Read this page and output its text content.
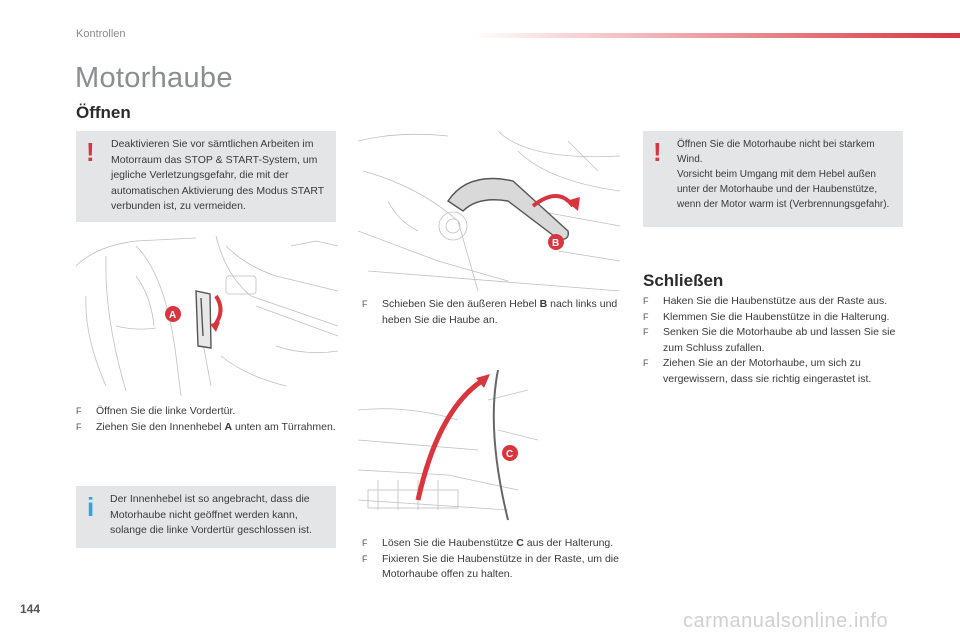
Kontrollen
Motorhaube
Öffnen
! Deaktivieren Sie vor sämtlichen Arbeiten im Motorraum das STOP & START-System, um jegliche Verletzungsgefahr, die mit der automatischen Aktivierung des Modus START verbunden ist, zu vermeiden.
A
F Öffnen Sie die linke Vordertür.
F Ziehen Sie den Innenhebel A unten am Türrahmen.
i Der Innenhebel ist so angebracht, dass die Motorhaube nicht geöffnet werden kann, solange die linke Vordertür geschlossen ist.
B
F Schieben Sie den äußeren Hebel B nach links und heben Sie die Haube an.
C
F Lösen Sie die Haubenstütze C aus der Halterung.
F Fixieren Sie die Haubenstütze in der Raste, um die Motorhaube offen zu halten.
! Öffnen Sie die Motorhaube nicht bei starkem Wind.
Vorsicht beim Umgang mit dem Hebel außen unter der Motorhaube und der Haubenstütze, wenn der Motor warm ist (Verbrennungsgefahr).
Schließen
F Haken Sie die Haubenstütze aus der Raste aus.
F Klemmen Sie die Haubenstütze in die Halterung.
F Senken Sie die Motorhaube ab und lassen Sie sie zum Schluss zufallen.
F Ziehen Sie an der Motorhaube, um sich zu vergewissern, dass sie richtig eingerastet ist.
144
carmanualsonline.info
